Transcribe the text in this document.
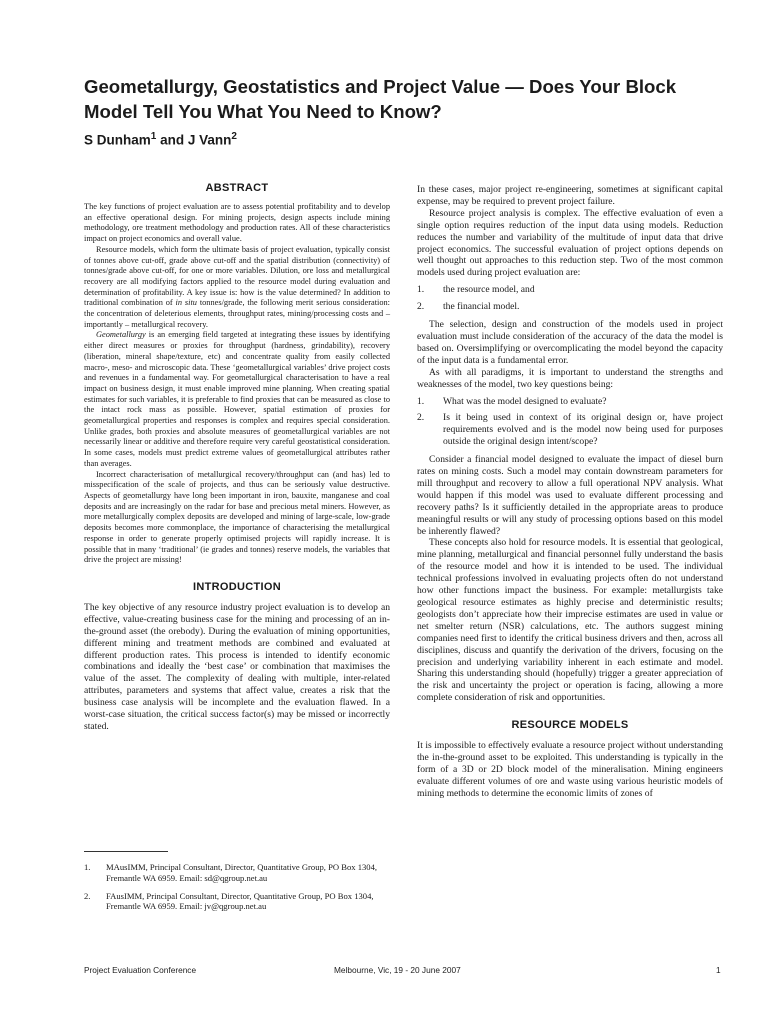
Geometallurgy, Geostatistics and Project Value — Does Your Block Model Tell You What You Need to Know?
S Dunham$^1$ and J Vann$^2$
ABSTRACT

The key functions of project evaluation are to assess potential profitability and to develop an effective operational design. For mining projects, design aspects include mining methodology, ore treatment methodology and production rates. All of these characteristics impact on project economics and overall value.

Resource models, which form the ultimate basis of project evaluation, typically consist of tonnes above cut-off, grade above cut-off and the spatial distribution (connectivity) of tonnes/grade above cut-off, for one or more variables. Dilution, ore loss and metallurgical recovery are all modifying factors applied to the resource model during evaluation and determination of profitability. A key issue is: how is the value determined? In addition to traditional combination of in situ tonnes/grade, the following merit serious consideration: the concentration of deleterious elements, throughput rates, mining/processing costs and – importantly – metallurgical recovery.

Geometallurgy is an emerging field targeted at integrating these issues by identifying either direct measures or proxies for throughput (hardness, grindability), recovery (liberation, mineral shape/texture, etc) and concentrate quality from easily collected macro-, meso- and microscopic data. These ‘geometallurgical variables’ drive project costs and revenues in a fundamental way. For geometallurgical characterisation to have a real impact on business design, it must enable improved mine planning. When creating spatial estimates for such variables, it is preferable to find proxies that can be measured as close to the intact rock mass as possible. However, spatial estimation of proxies for geometallurgical properties and responses is complex and requires special consideration. Unlike grades, both proxies and absolute measures of geometallurgical variables are not necessarily linear or additive and therefore require very careful geostatistical consideration. In some cases, models must predict extreme values of geometallurgical attributes rather than averages.

Incorrect characterisation of metallurgical recovery/throughput can (and has) led to misspecification of the scale of projects, and thus can be seriously value destructive. Aspects of geometallurgy have long been important in iron, bauxite, manganese and coal deposits and are increasingly on the radar for base and precious metal miners. However, as more metallurgically complex deposits are developed and mining of large-scale, low-grade deposits becomes more commonplace, the importance of characterising the metallurgical response in order to generate properly optimised projects will rapidly increase. It is possible that in many ‘traditional’ (ie grades and tonnes) reserve models, the variables that drive the project are missing!

INTRODUCTION

The key objective of any resource industry project evaluation is to develop an effective, value-creating business case for the mining and processing of an in-the-ground asset (the orebody). During the evaluation of mining opportunities, different mining and treatment methods are combined and evaluated at different production rates. This process is intended to identify economic combinations and ideally the ‘best case’ or combination that maximises the value of the asset. The complexity of dealing with multiple, inter-related attributes, parameters and systems that affect value, creates a risk that the business case analysis will be incomplete and the evaluation flawed. In a worst-case situation, the critical success factor(s) may be missed or incorrectly stated.

1. MAusIMM, Principal Consultant, Director, Quantitative Group, PO Box 1304, Fremantle WA 6959. Email: sd@qgroup.net.au
2. FAusIMM, Principal Consultant, Director, Quantitative Group, PO Box 1304, Fremantle WA 6959. Email: jv@qgroup.net.au

In these cases, major project re-engineering, sometimes at significant capital expense, may be required to prevent project failure.

Resource project analysis is complex. The effective evaluation of even a single option requires reduction of the input data using models. Reduction reduces the number and variability of the multitude of input data that drive project economics. The successful evaluation of project options depends on well thought out approaches to this reduction step. Two of the most common models used during project evaluation are:

1. the resource model, and
2. the financial model.

The selection, design and construction of the models used in project evaluation must include consideration of the accuracy of the data the model is based on. Oversimplifying or overcomplicating the model beyond the capacity of the input data is a fundamental error.

As with all paradigms, it is important to understand the strengths and weaknesses of the model, two key questions being:

1. What was the model designed to evaluate?
2. Is it being used in context of its original design or, have project requirements evolved and is the model now being used for purposes outside the original design intent/scope?

Consider a financial model designed to evaluate the impact of diesel burn rates on mining costs. Such a model may contain downstream parameters for mill throughput and recovery to allow a full operational NPV analysis. What would happen if this model was used to evaluate different processing and recovery paths? Is it sufficiently detailed in the appropriate areas to produce meaningful results or will any study of processing options based on this model be inherently flawed?

These concepts also hold for resource models. It is essential that geological, mine planning, metallurgical and financial personnel fully understand the basis of the resource model and how it is intended to be used. The individual technical professions involved in evaluating projects often do not understand how other functions impact the business. For example: metallurgists take geological resource estimates as highly precise and deterministic results; geologists don’t appreciate how their imprecise estimates are used in value or net smelter return (NSR) calculations, etc. The authors suggest mining companies need first to identify the critical business drivers and then, across all disciplines, discuss and quantify the derivation of the drivers, focusing on the precision and underlying variability inherent in each estimate and model. Sharing this understanding should (hopefully) trigger a greater appreciation of the risk and uncertainty the project or operation is facing, allowing a more complete consideration of risk and opportunities.

RESOURCE MODELS

It is impossible to effectively evaluate a resource project without understanding the in-the-ground asset to be exploited. This understanding is typically in the form of a 3D or 2D block model of the mineralisation. Mining engineers evaluate different volumes of ore and waste using various heuristic models of mining methods to determine the economic limits of zones of

Project Evaluation Conference	Melbourne, Vic, 19 - 20 June 2007	1
